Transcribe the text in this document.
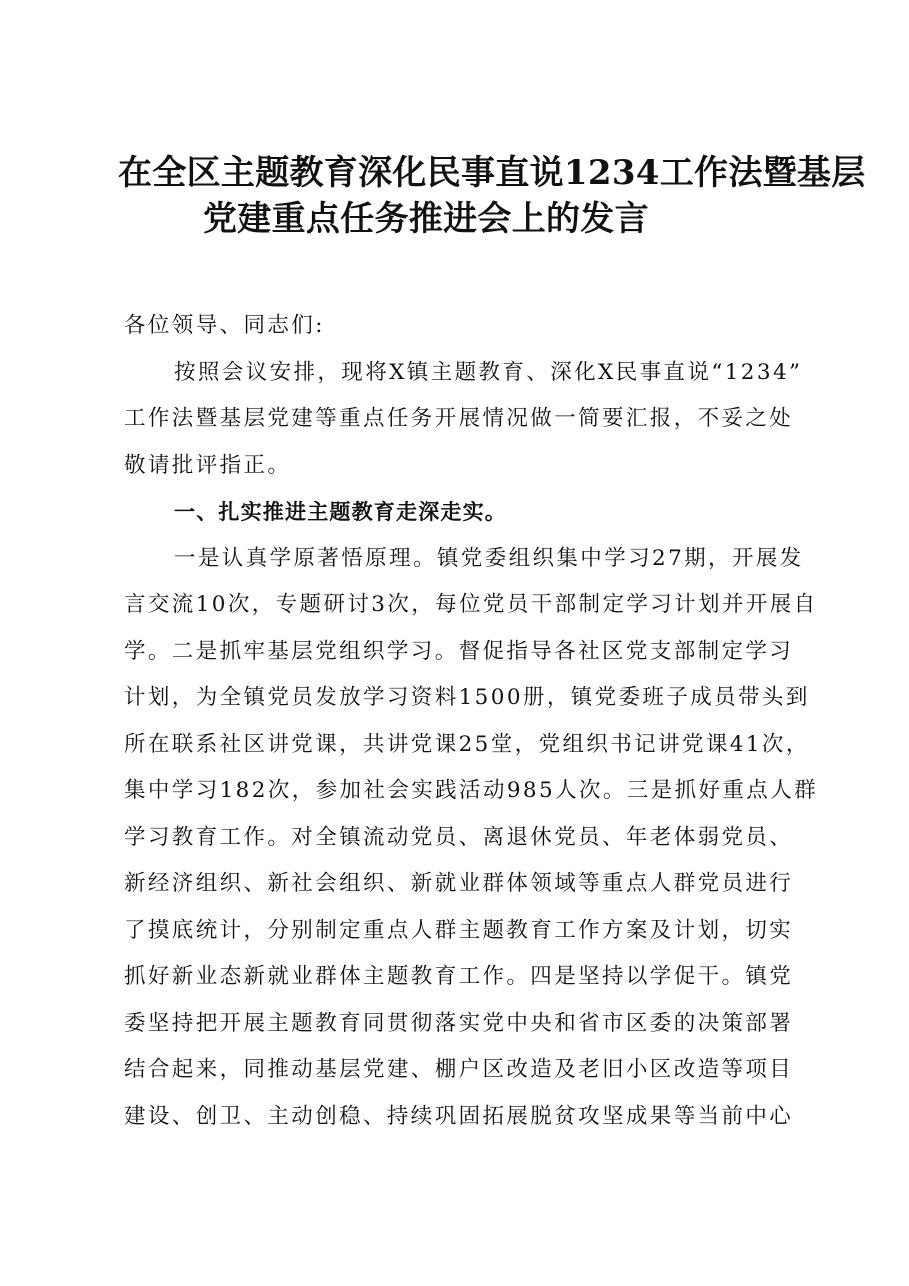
在全区主题教育深化民事直说1234工作法暨基层
党建重点任务推进会上的发言

各位领导、同志们:

按照会议安排，现将X镇主题教育、深化X民事直说“1234”
工作法暨基层党建等重点任务开展情况做一简要汇报，不妥之处
敬请批评指正。

一、扎实推进主题教育走深走实。

一是认真学原著悟原理。镇党委组织集中学习27期，开展发
言交流10次，专题研讨3次，每位党员干部制定学习计划并开展自
学。二是抓牢基层党组织学习。督促指导各社区党支部制定学习
计划，为全镇党员发放学习资料1500册，镇党委班子成员带头到
所在联系社区讲党课，共讲党课25堂，党组织书记讲党课41次，
集中学习182次，参加社会实践活动985人次。三是抓好重点人群
学习教育工作。对全镇流动党员、离退休党员、年老体弱党员、
新经济组织、新社会组织、新就业群体领域等重点人群党员进行
了摸底统计，分别制定重点人群主题教育工作方案及计划，切实
抓好新业态新就业群体主题教育工作。四是坚持以学促干。镇党
委坚持把开展主题教育同贯彻落实党中央和省市区委的决策部署
结合起来，同推动基层党建、棚户区改造及老旧小区改造等项目
建设、创卫、主动创稳、持续巩固拓展脱贫攻坚成果等当前中心
